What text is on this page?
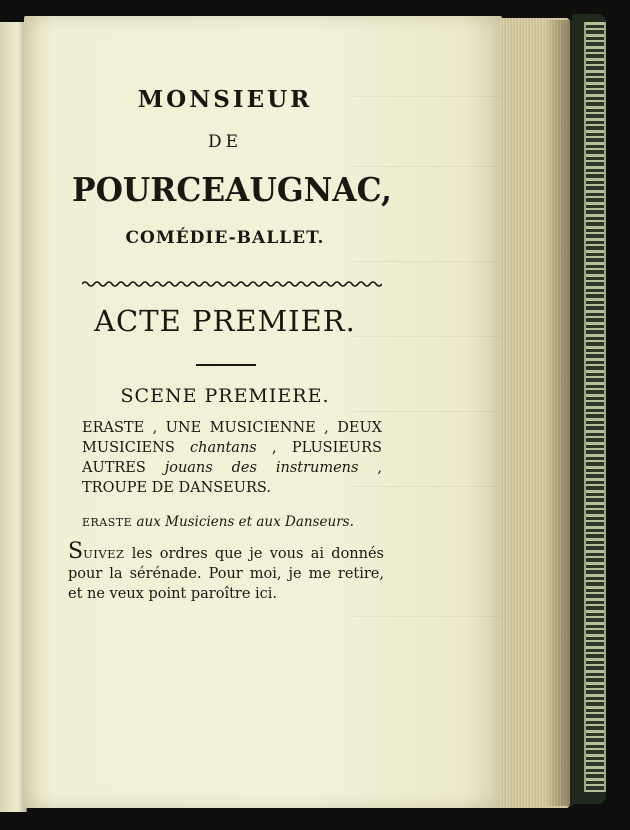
MONSIEUR
DE
POURCEAUGNAC,
COMÉDIE-BALLET.
ACTE PREMIER.
SCENE PREMIERE.
ERASTE , UNE MUSICIENNE , DEUX MUSICIENS chantans , PLUSIEURS AUTRES jouans des instrumens , TROUPE DE DANSEURS.
ERASTE aux Musiciens et aux Danseurs.
SUIVEZ les ordres que je vous ai donnés pour la sérénade. Pour moi, je me retire, et ne veux point paroître ici.
